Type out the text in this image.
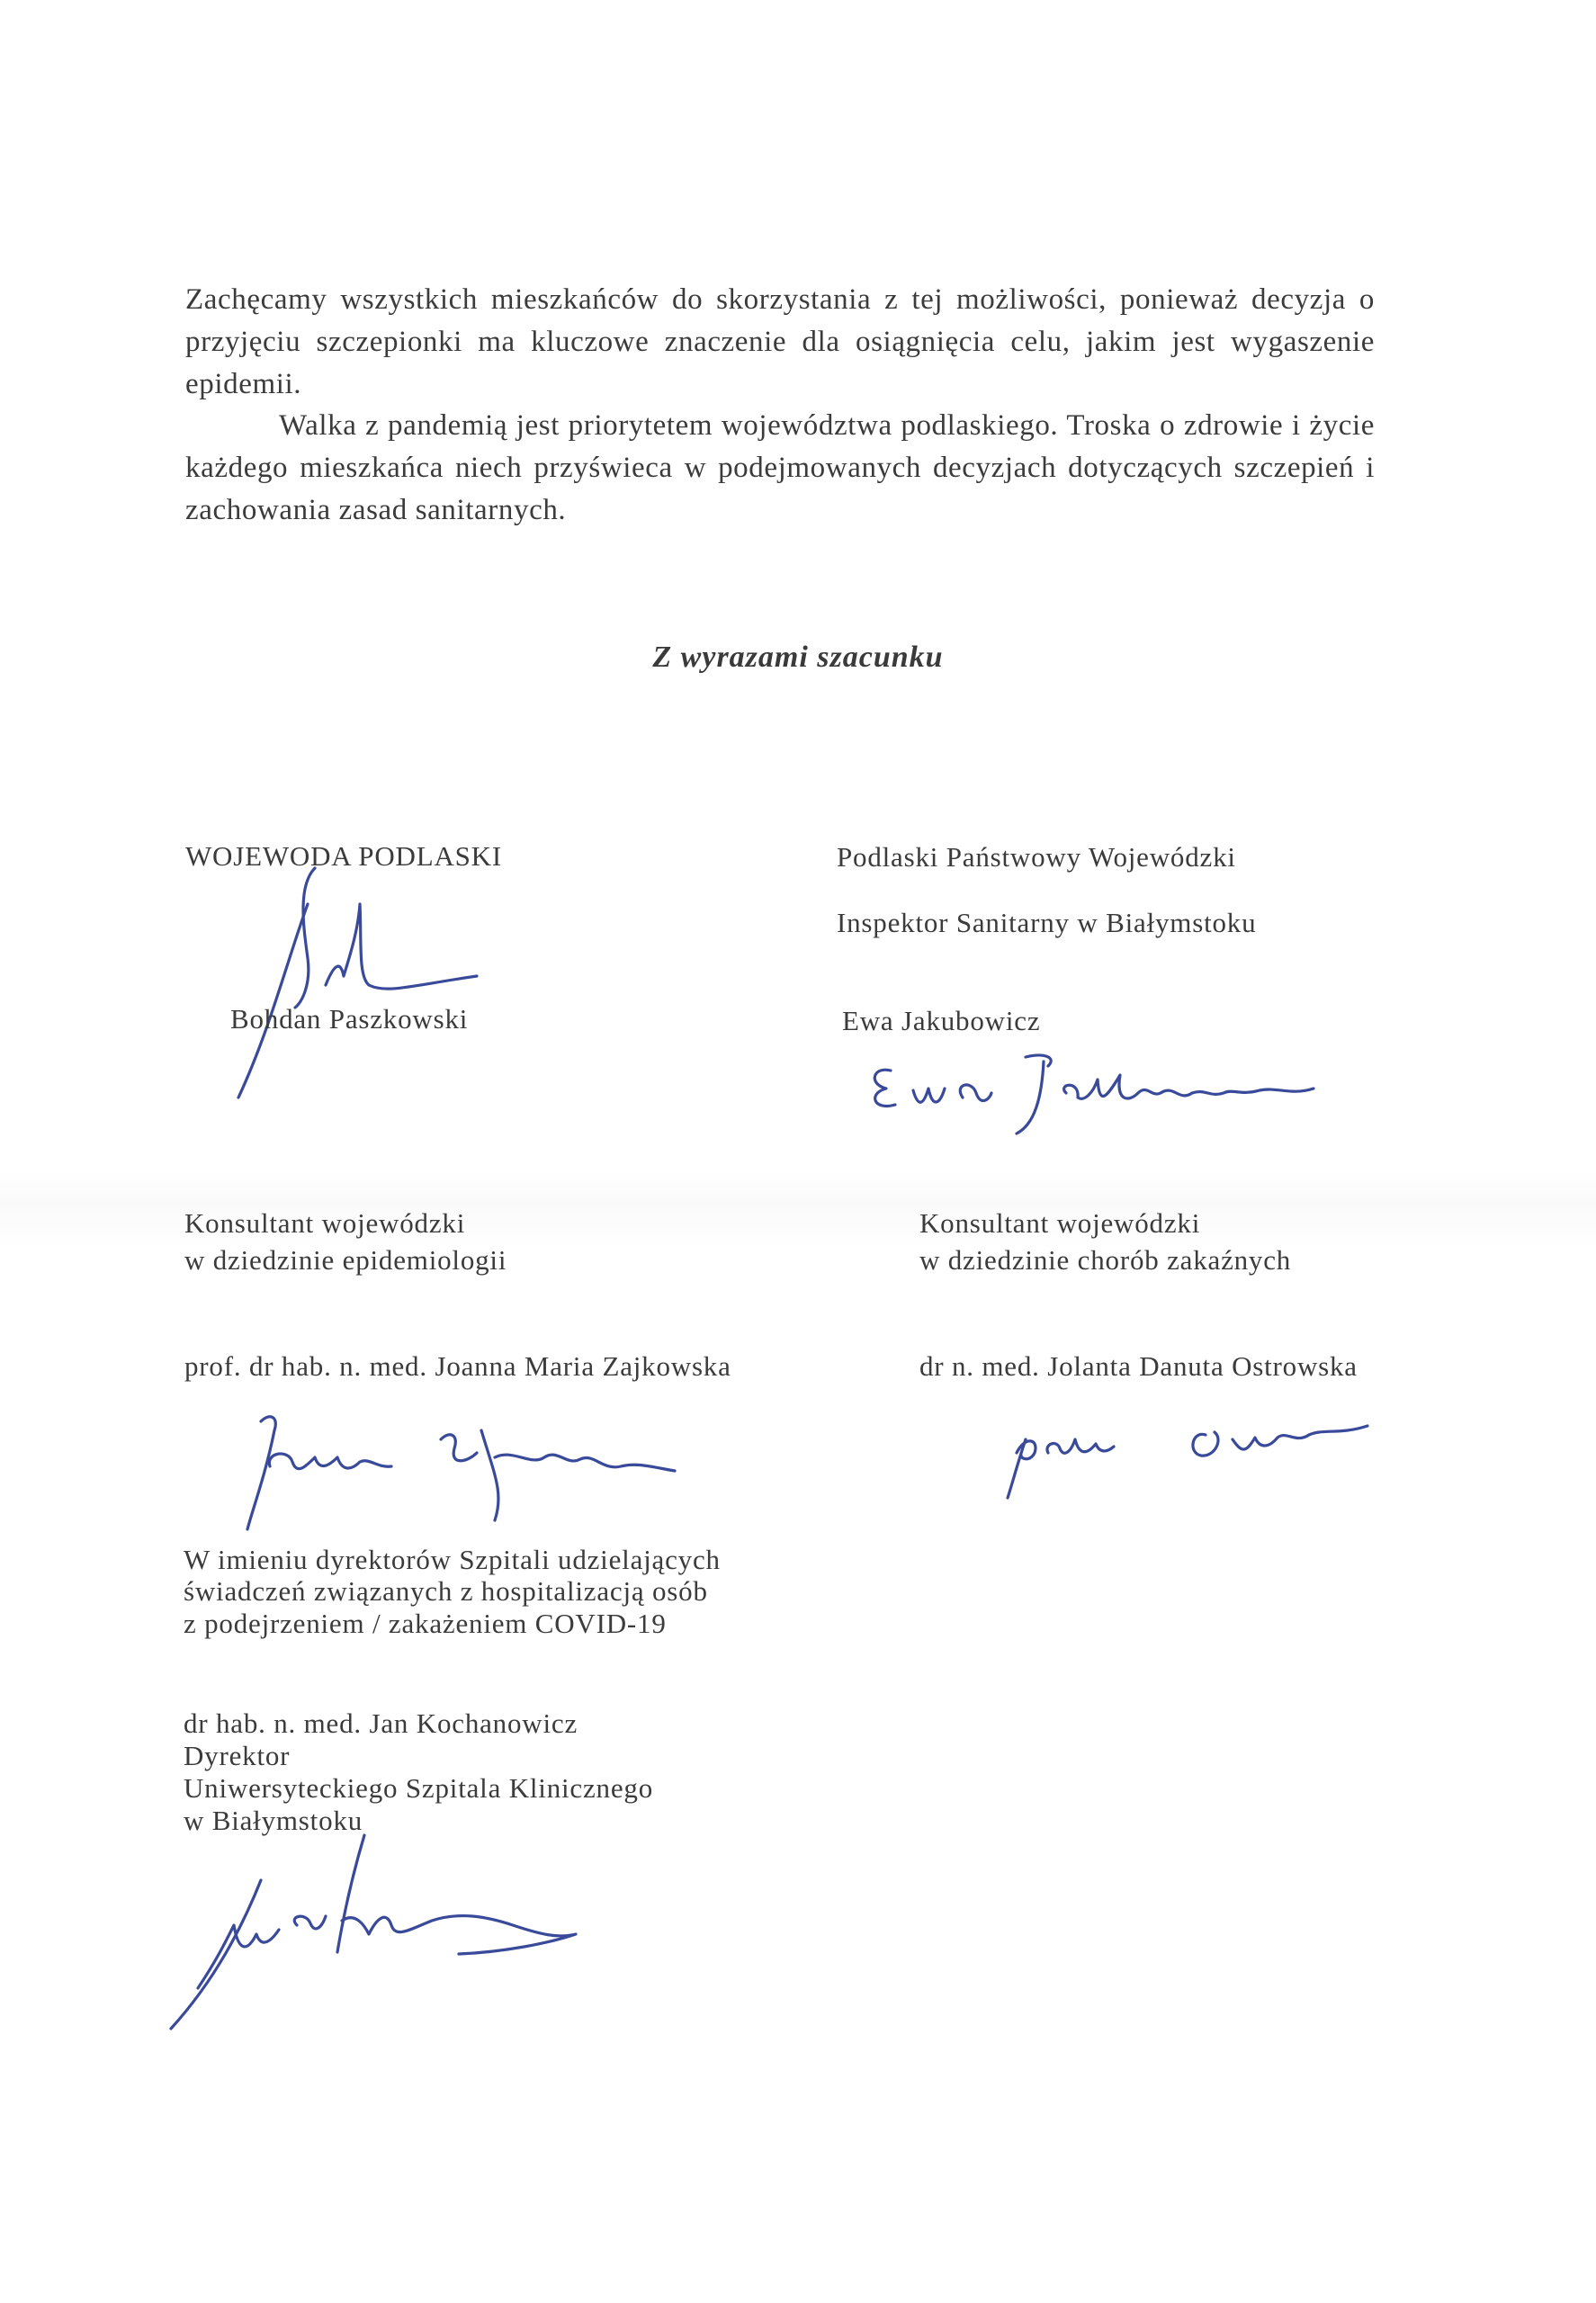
Zachęcamy wszystkich mieszkańców do skorzystania z tej możliwości, ponieważ decyzja o przyjęciu szczepionki ma kluczowe znaczenie dla osiągnięcia celu, jakim jest wygaszenie epidemii.

Walka z pandemią jest priorytetem województwa podlaskiego. Troska o zdrowie i życie każdego mieszkańca niech przyświeca w podejmowanych decyzjach dotyczących szczepień i zachowania zasad sanitarnych.

Z wyrazami szacunku
WOJEWODA PODLASKI
Bohdan Paszkowski
Podlaski Państwowy Wojewódzki
Inspektor Sanitarny w Białymstoku
Ewa Jakubowicz
Konsultant wojewódzki
w dziedzinie epidemiologii
prof. dr hab. n. med. Joanna Maria Zajkowska
Konsultant wojewódzki
w dziedzinie chorób zakaźnych
dr n. med. Jolanta Danuta Ostrowska
W imieniu dyrektorów Szpitali udzielających
świadczeń związanych z hospitalizacją osób
z podejrzeniem / zakażeniem COVID-19
dr hab. n. med. Jan Kochanowicz
Dyrektor
Uniwersyteckiego Szpitala Klinicznego
w Białymstoku
